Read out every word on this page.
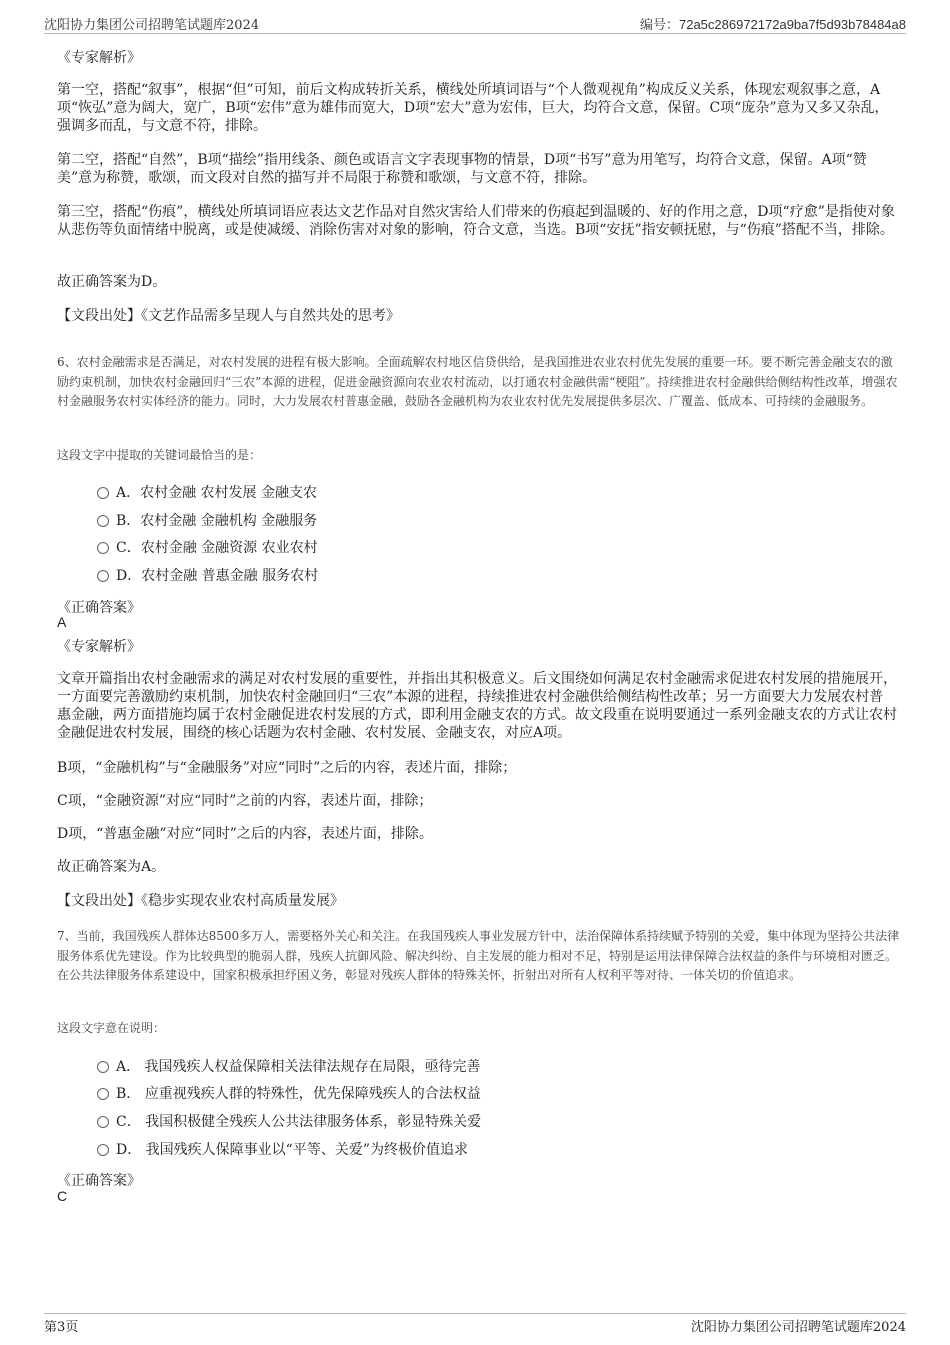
沈阳协力集团公司招聘笔试题库2024	编号：72a5c286972172a9ba7f5d93b78484a8
《专家解析》

第一空，搭配“叙事”，根据“但”可知，前后文构成转折关系，横线处所填词语与“个人微观视角”构成反义关系，体现宏观叙事之意，A项“恢弘”意为阔大，宽广，B项“宏伟”意为雄伟而宽大，D项“宏大”意为宏伟，巨大，均符合文意，保留。C项“庞杂”意为又多又杂乱，强调多而乱，与文意不符，排除。

第二空，搭配“自然”，B项“描绘”指用线条、颜色或语言文字表现事物的情景，D项“书写”意为用笔写，均符合文意，保留。A项“赞美”意为称赞，歌颂，而文段对自然的描写并不局限于称赞和歌颂，与文意不符，排除。

第三空，搭配“伤痕”，横线处所填词语应表达文艺作品对自然灾害给人们带来的伤痕起到温暖的、好的作用之意，D项“疗愈”是指使对象从悲伤等负面情绪中脱离，或是使减缓、消除伤害对对象的影响，符合文意，当选。B项“安抚”指安顿抚慰，与“伤痕”搭配不当，排除。

故正确答案为D。

【文段出处】《文艺作品需多呈现人与自然共处的思考》

6、农村金融需求是否满足，对农村发展的进程有极大影响。全面疏解农村地区信贷供给，是我国推进农业农村优先发展的重要一环。要不断完善金融支农的激励约束机制，加快农村金融回归“三农”本源的进程，促进金融资源向农业农村流动，以打通农村金融供需“梗阻”。持续推进农村金融供给侧结构性改革，增强农村金融服务农村实体经济的能力。同时，大力发展农村普惠金融，鼓励各金融机构为农业农村优先发展提供多层次、广覆盖、低成本、可持续的金融服务。

这段文字中提取的关键词最恰当的是：

A．农村金融 农村发展 金融支农
B．农村金融 金融机构 金融服务
C．农村金融 金融资源 农业农村
D．农村金融 普惠金融 服务农村
《正确答案》
A
《专家解析》

文章开篇指出农村金融需求的满足对农村发展的重要性，并指出其积极意义。后文围绕如何满足农村金融需求促进农村发展的措施展开，一方面要完善激励约束机制，加快农村金融回归“三农”本源的进程，持续推进农村金融供给侧结构性改革；另一方面要大力发展农村普惠金融，两方面措施均属于农村金融促进农村发展的方式，即利用金融支农的方式。故文段重在说明要通过一系列金融支农的方式让农村金融促进农村发展，围绕的核心话题为农村金融、农村发展、金融支农，对应A项。

B项，“金融机构”与“金融服务”对应“同时”之后的内容，表述片面，排除；

C项，“金融资源”对应“同时”之前的内容，表述片面，排除；

D项，“普惠金融”对应“同时”之后的内容，表述片面，排除。

故正确答案为A。

【文段出处】《稳步实现农业农村高质量发展》

7、当前，我国残疾人群体达8500多万人，需要格外关心和关注。在我国残疾人事业发展方针中，法治保障体系持续赋予特别的关爱，集中体现为坚持公共法律服务体系优先建设。作为比较典型的脆弱人群，残疾人抗御风险、解决纠纷、自主发展的能力相对不足，特别是运用法律保障合法权益的条件与环境相对匮乏。在公共法律服务体系建设中，国家积极承担纾困义务，彰显对残疾人群体的特殊关怀，折射出对所有人权利平等对待、一体关切的价值追求。

这段文字意在说明：

A． 我国残疾人权益保障相关法律法规存在局限，亟待完善
B． 应重视残疾人群的特殊性，优先保障残疾人的合法权益
C． 我国积极健全残疾人公共法律服务体系，彰显特殊关爱
D． 我国残疾人保障事业以“平等、关爱”为终极价值追求
《正确答案》
C
第3页	沈阳协力集团公司招聘笔试题库2024
